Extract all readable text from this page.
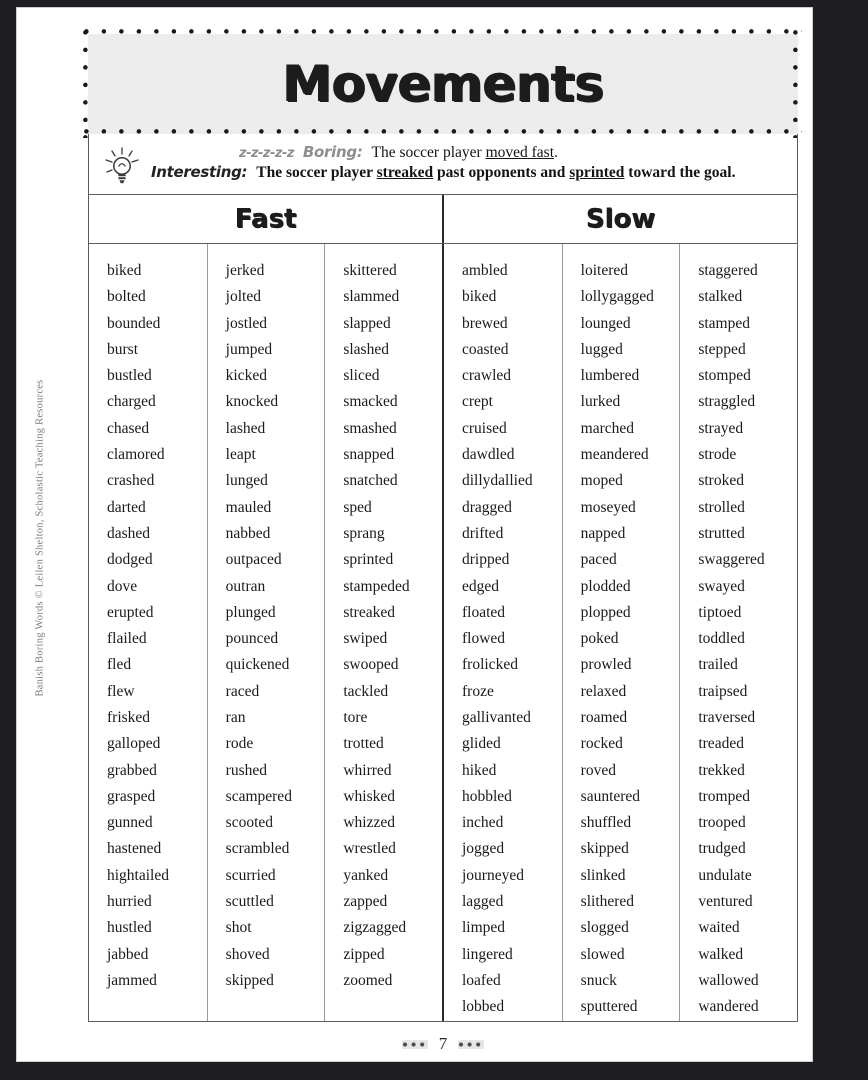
Banish Boring Words © Leilen Shelton, Scholastic Teaching Resources
Movements
z-z-z-z-z Boring: The soccer player moved fast.
Interesting: The soccer player streaked past opponents and sprinted toward the goal.
Fast	Slow
biked
bolted
bounded
burst
bustled
charged
chased
clamored
crashed
darted
dashed
dodged
dove
erupted
flailed
fled
flew
frisked
galloped
grabbed
grasped
gunned
hastened
hightailed
hurried
hustled
jabbed
jammed
jerked
jolted
jostled
jumped
kicked
knocked
lashed
leapt
lunged
mauled
nabbed
outpaced
outran
plunged
pounced
quickened
raced
ran
rode
rushed
scampered
scooted
scrambled
scurried
scuttled
shot
shoved
skipped
skittered
slammed
slapped
slashed
sliced
smacked
smashed
snapped
snatched
sped
sprang
sprinted
stampeded
streaked
swiped
swooped
tackled
tore
trotted
whirred
whisked
whizzed
wrestled
yanked
zapped
zigzagged
zipped
zoomed
ambled
biked
brewed
coasted
crawled
crept
cruised
dawdled
dillydallied
dragged
drifted
dripped
edged
floated
flowed
frolicked
froze
gallivanted
glided
hiked
hobbled
inched
jogged
journeyed
lagged
limped
lingered
loafed
lobbed
loitered
lollygagged
lounged
lugged
lumbered
lurked
marched
meandered
moped
moseyed
napped
paced
plodded
plopped
poked
prowled
relaxed
roamed
rocked
roved
sauntered
shuffled
skipped
slinked
slithered
slogged
slowed
snuck
sputtered
staggered
stalked
stamped
stepped
stomped
straggled
strayed
strode
stroked
strolled
strutted
swaggered
swayed
tiptoed
toddled
trailed
traipsed
traversed
treaded
trekked
tromped
trooped
trudged
undulate
ventured
waited
walked
wallowed
wandered
7
